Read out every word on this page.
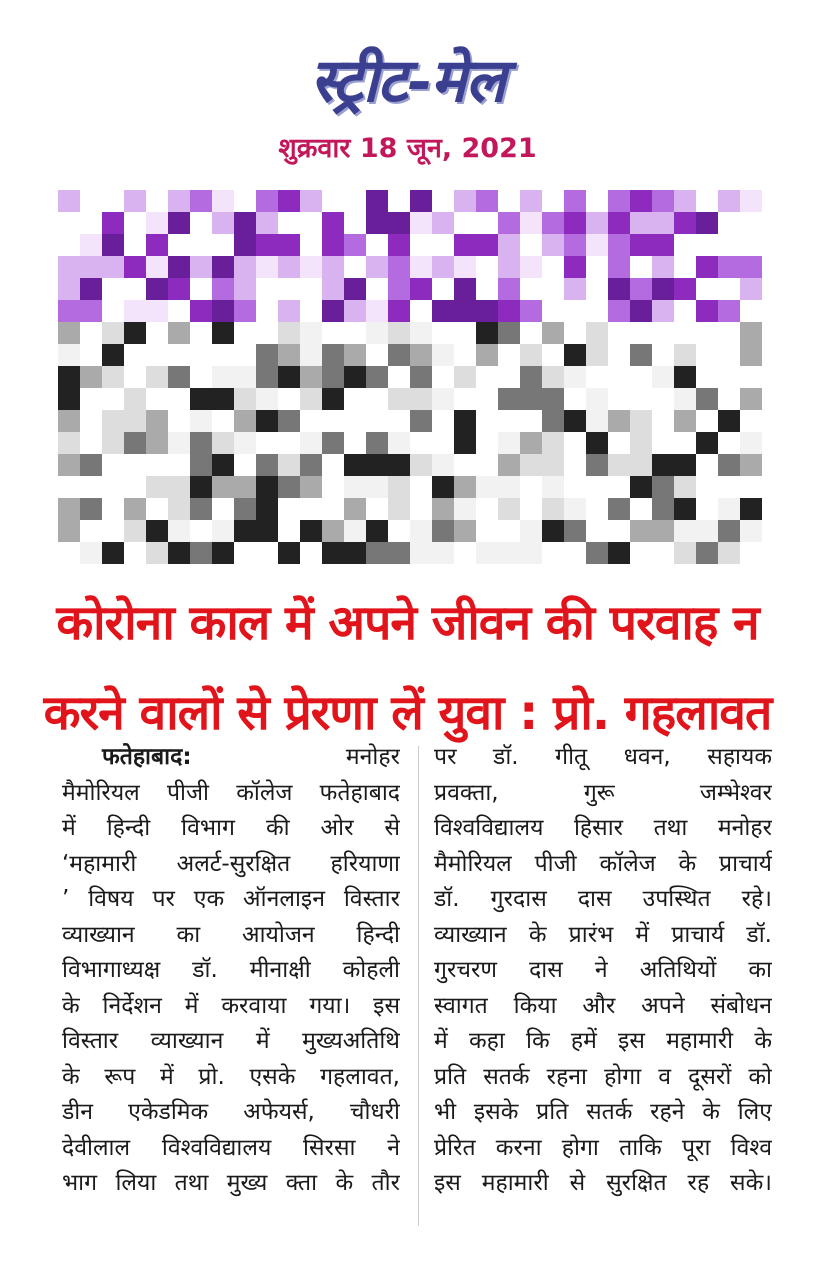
स्ट्रीट-मेल
शुक्रवार 18 जून, 2021
कोरोना काल में अपने जीवन की परवाह न
करने वालों से प्रेरणा लें युवा : प्रो. गहलावत
फतेहाबाद:	मनोहर
मैमोरियल पीजी कॉलेज फतेहाबाद
में हिन्दी विभाग की ओर से
‘महामारी अलर्ट-सुरक्षित हरियाणा
’ विषय पर एक ऑनलाइन विस्तार
व्याख्यान का आयोजन हिन्दी
विभागाध्यक्ष डॉ. मीनाक्षी कोहली
के निर्देशन में करवाया गया। इस
विस्तार व्याख्यान में मुख्यअतिथि
के रूप में प्रो. एसके गहलावत,
डीन एकेडमिक अफेयर्स, चौधरी
देवीलाल विश्वविद्यालय सिरसा ने
भाग लिया तथा मुख्य क्ता के तौर
पर डॉ. गीतू धवन, सहायक
प्रवक्ता, गुरू जम्भेश्वर
विश्वविद्यालय हिसार तथा मनोहर
मैमोरियल पीजी कॉलेज के प्राचार्य
डॉ. गुरदास दास उपस्थित रहे।
व्याख्यान के प्रारंभ में प्राचार्य डॉ.
गुरचरण दास ने अतिथियों का
स्वागत किया और अपने संबोधन
में कहा कि हमें इस महामारी के
प्रति सतर्क रहना होगा व दूसरों को
भी इसके प्रति सतर्क रहने के लिए
प्रेरित करना होगा ताकि पूरा विश्व
इस महामारी से सुरक्षित रह सके।
